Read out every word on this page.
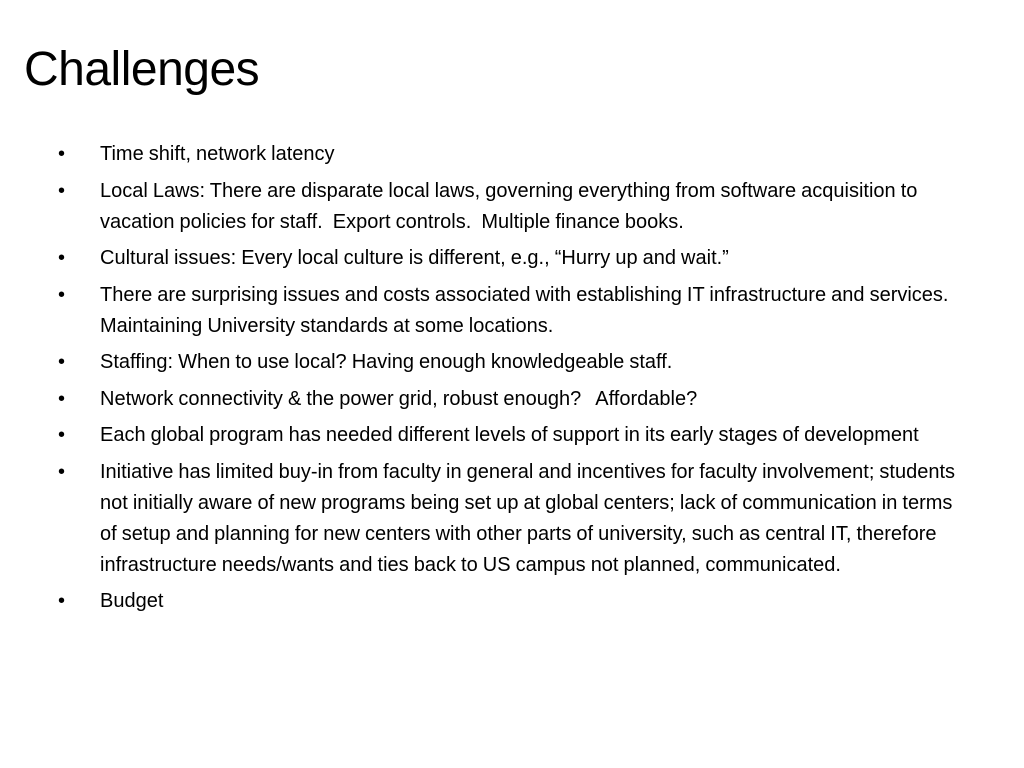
Challenges
•	Time shift, network latency
•	Local Laws: There are disparate local laws, governing everything from software acquisition to vacation policies for staff.  Export controls.  Multiple finance books.
•	Cultural issues: Every local culture is different, e.g., “Hurry up and wait.”
•	There are surprising issues and costs associated with establishing IT infrastructure and services. Maintaining University standards at some locations.
•	Staffing: When to use local? Having enough knowledgeable staff.
•	Network connectivity & the power grid, robust enough?   Affordable?
•	Each global program has needed different levels of support in its early stages of development
•	Initiative has limited buy-in from faculty in general and incentives for faculty involvement; students not initially aware of new programs being set up at global centers; lack of communication in terms of setup and planning for new centers with other parts of university, such as central IT, therefore infrastructure needs/wants and ties back to US campus not planned, communicated.
•	Budget
